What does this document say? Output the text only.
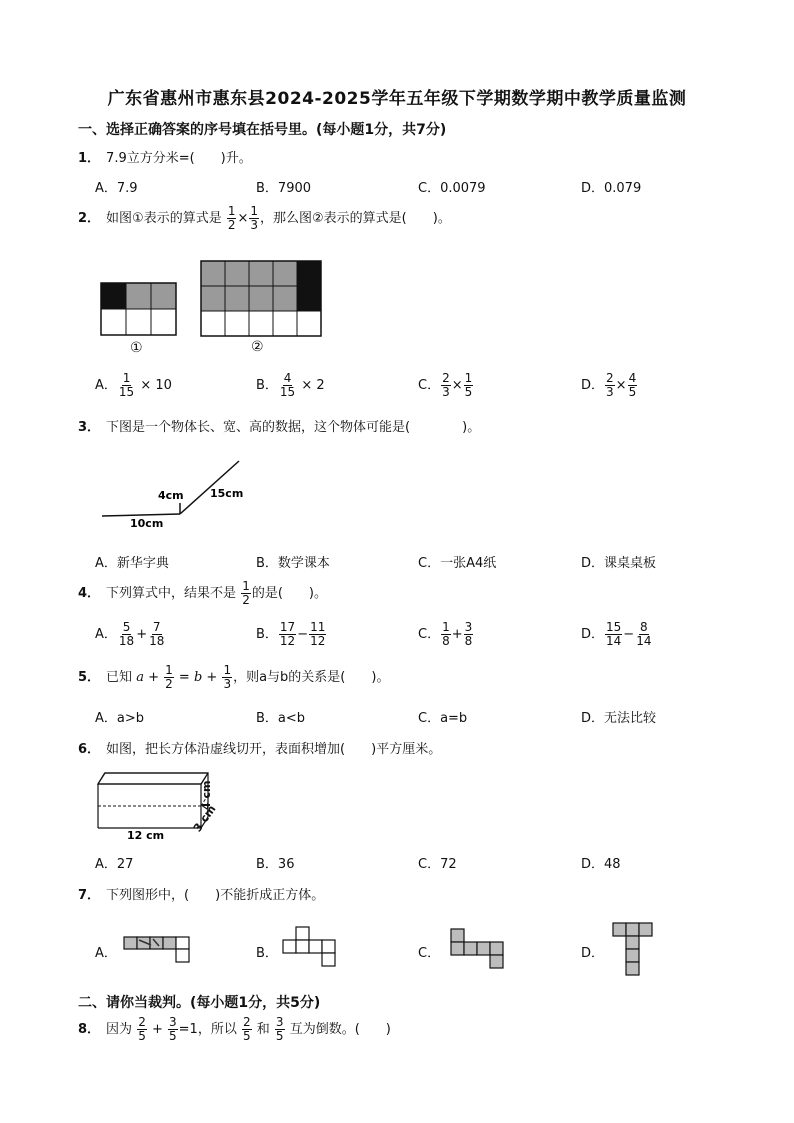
广东省惠州市惠东县2024-2025学年五年级下学期数学期中教学质量监测
一、选择正确答案的序号填在括号里。(每小题1分，共7分)
1． 7.9立方分米=(　　)升。
A．7.9	B．7900	C．0.0079	D．0.079
2． 如图①表示的算式是 $\frac{1}{2} \times \frac{1}{3}$ ，那么图②表示的算式是(　　)。
①	②
A． $\frac{1}{15} \times 10$	B． $\frac{4}{15} \times 2$	C． $\frac{2}{3} \times \frac{1}{5}$	D． $\frac{2}{3} \times \frac{4}{5}$
3． 下图是一个物体长、宽、高的数据，这个物体可能是(　　　　)。
4cm 15cm
10cm
A．新华字典	B．数学课本	C．一张A4纸	D．课桌桌板
4． 下列算式中，结果不是 $\frac{1}{2}$ 的是(　　)。
A． $\frac{5}{18} + \frac{7}{18}$	B． $\frac{17}{12} - \frac{11}{12}$	C． $\frac{1}{8} + \frac{3}{8}$	D． $\frac{15}{14} - \frac{8}{14}$
5． 已知 $a + \frac{1}{2} = b + \frac{1}{3}$ ，则a与b的关系是(　　)。
A．a>b	B．a<b	C．a=b	D．无法比较
6． 如图，把长方体沿虚线切开，表面积增加(　　)平方厘米。
12 cm
4 cm
3 cm
A．27	B．36	C．72	D．48
7． 下列图形中，(　　)不能折成正方体。
A．	B．	C．	D．
二、请你当裁判。(每小题1分，共5分)
8． 因为 $\frac{2}{5} + \frac{3}{5} =1$，所以 $\frac{2}{5}$ 和 $\frac{3}{5}$ 互为倒数。(　　)
